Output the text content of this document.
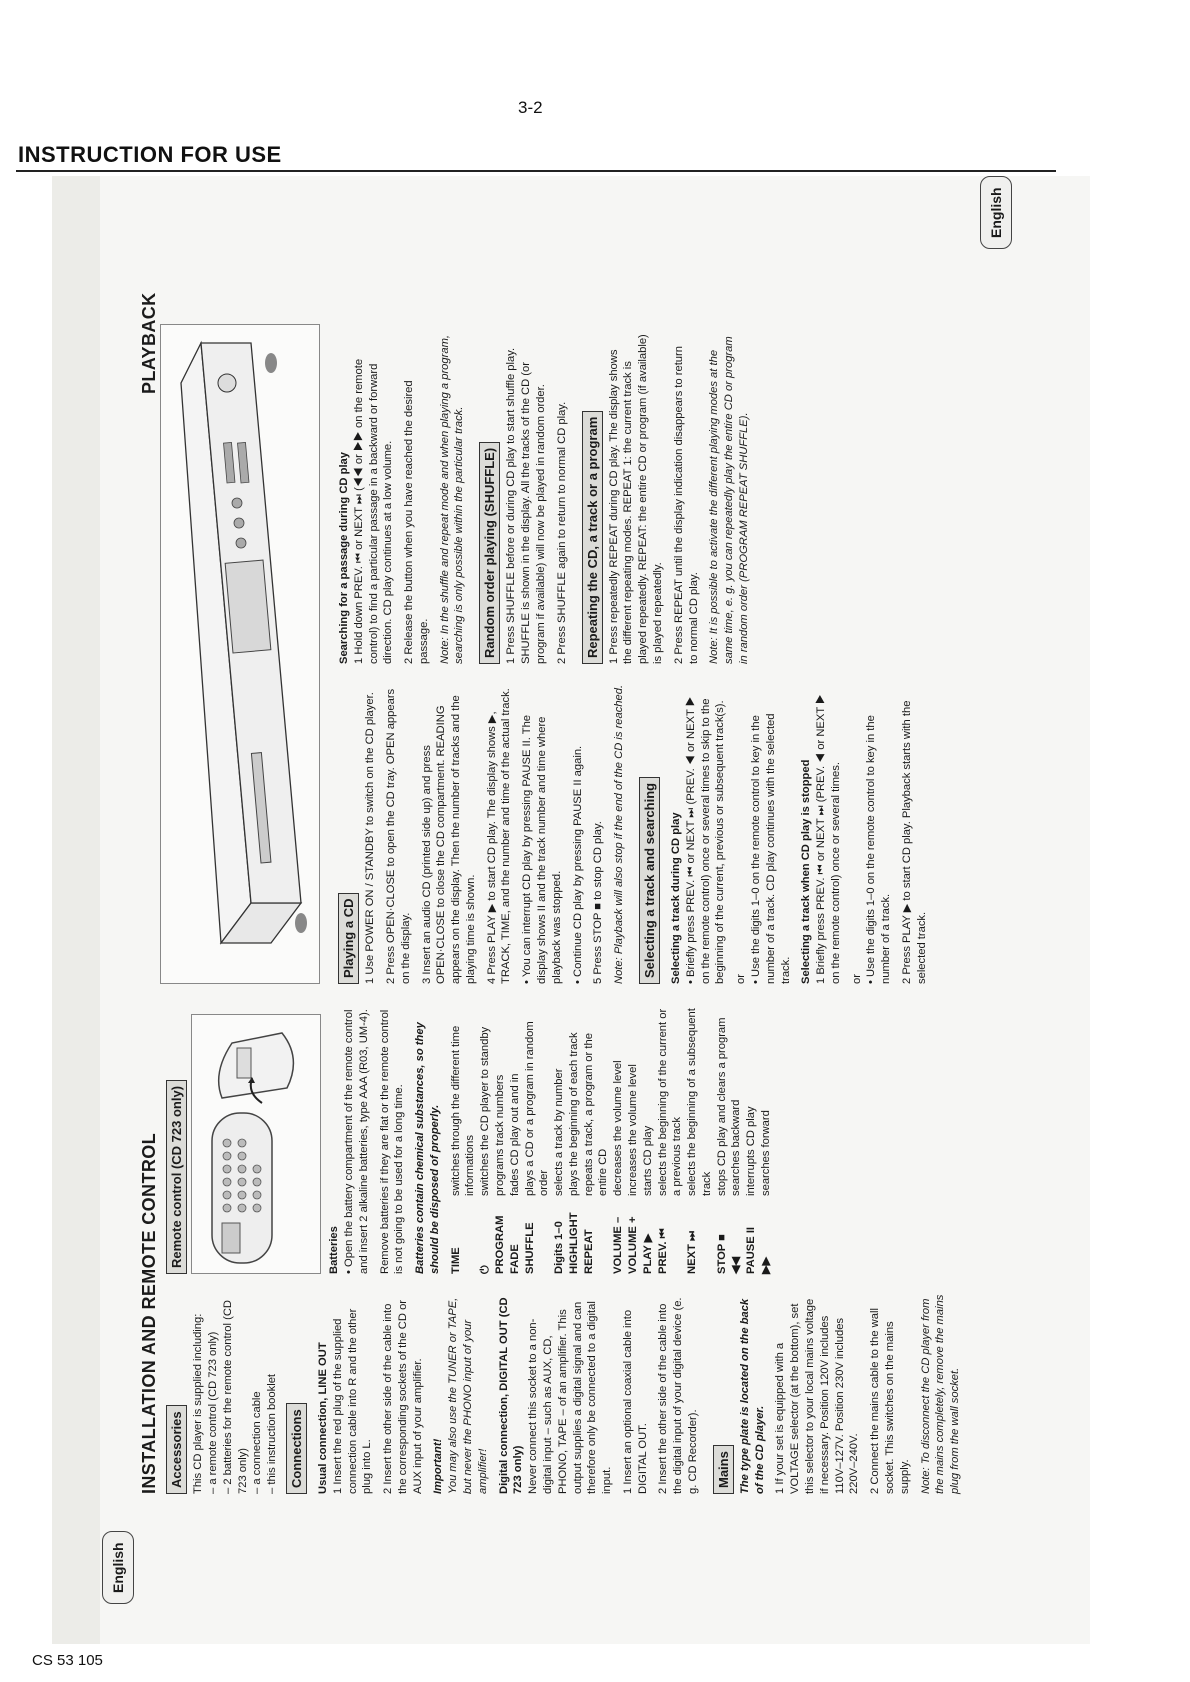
3-2
INSTRUCTION FOR USE
INSTALLATION AND REMOTE CONTROL
PLAYBACK
English
English
Accessories This CD player is supplied including: – a remote control (CD 723 only) – 2 batteries for the remote control (CD 723 only) – a connection cable – this instruction booklet Connections Usual connection, LINE OUT 1 Insert the red plug of the supplied connection cable into R and the other plug into L. 2 Insert the other side of the cable into the corresponding sockets of the CD or AUX input of your amplifier. Important! You may also use the TUNER or TAPE, but never the PHONO input of your amplifier! Digital connection, DIGITAL OUT (CD 723 only) Never connect this socket to a non-digital input – such as AUX, CD, PHONO, TAPE – of an amplifier. This output supplies a digital signal and can therefore only be connected to a digital input. 1 Insert an optional coaxial cable into DIGITAL OUT. 2 Insert the other side of the cable into the digital input of your digital device (e. g. CD Recorder). Mains The type plate is located on the back of the CD player. 1 If your set is equipped with a VOLTAGE selector (at the bottom), set this selector to your local mains voltage if necessary. Position 120V includes 110V–127V. Position 230V includes 220V–240V. 2 Connect the mains cable to the wall socket. This switches on the mains supply. Note: To disconnect the CD player from the mains completely, remove the mains plug from the wall socket.

Remote control (CD 723 only)	Batteries • Open the battery compartment of the remote control and insert 2 alkaline batteries, type AAA (R03, UM-4). Remove batteries if they are flat or the remote control is not going to be used for a long time. Batteries contain chemical substances, so they should be disposed of properly. TIME
switches through the different time informations
⏻
switches the CD player to standby
PROGRAM
programs track numbers
FADE
fades CD play out and in
SHUFFLE
plays a CD or a program in random order
Digits 1–0
selects a track by number
HIGHLIGHT
plays the beginning of each track
REPEAT
repeats a track, a program or the entire CD
VOLUME –
decreases the volume level
VOLUME +
increases the volume level
PLAY ▶
starts CD play
PREV. ⏮
selects the beginning of the current or a previous track
NEXT ⏭
selects the beginning of a subsequent track
STOP ■
stops CD play and clears a program
◀◀
searches backward
PAUSE II
interrupts CD play
▶▶
searches forward
Playing a CD 1 Use POWER ON / STANDBY to switch on the CD player. 2 Press OPEN·CLOSE to open the CD tray. OPEN appears on the display. 3 Insert an audio CD (printed side up) and press OPEN·CLOSE to close the CD compartment. READING appears on the display. Then the number of tracks and the playing time is shown. 4 Press PLAY ▶ to start CD play. The display shows ▶, TRACK, TIME, and the number and time of the actual track. • You can interrupt CD play by pressing PAUSE II. The display shows II and the track number and time where playback was stopped. • Continue CD play by pressing PAUSE II again. 5 Press STOP ■ to stop CD play. Note: Playback will also stop if the end of the CD is reached. Selecting a track and searching Selecting a track during CD play • Briefly press PREV. ⏮ or NEXT ⏭ (PREV. ◀ or NEXT ▶ on the remote control) once or several times to skip to the beginning of the current, previous or subsequent track(s). or • Use the digits 1–0 on the remote control to key in the number of a track. CD play continues with the selected track. Selecting a track when CD play is stopped 1 Briefly press PREV. ⏮ or NEXT ⏭ (PREV. ◀ or NEXT ▶ on the remote control) once or several times. or • Use the digits 1–0 on the remote control to key in the number of a track. 2 Press PLAY ▶ to start CD play. Playback starts with the selected track.

Searching for a passage during CD play 1 Hold down PREV. ⏮ or NEXT ⏭ (◀◀ or ▶▶ on the remote control) to find a particular passage in a backward or forward direction. CD play continues at a low volume. 2 Release the button when you have reached the desired passage. Note: In the shuffle and repeat mode and when playing a program, searching is only possible within the particular track. Random order playing (SHUFFLE) 1 Press SHUFFLE before or during CD play to start shuffle play. SHUFFLE is shown in the display. All the tracks of the CD (or program if available) will now be played in random order. 2 Press SHUFFLE again to return to normal CD play. Repeating the CD, a track or a program 1 Press repeatedly REPEAT during CD play. The display shows the different repeating modes. REPEAT 1: the current track is played repeatedly. REPEAT: the entire CD or program (if available) is played repeatedly. 2 Press REPEAT until the display indication disappears to return to normal CD play. Note: It is possible to activate the different playing modes at the same time, e. g. you can repeatedly play the entire CD or program in random order (PROGRAM REPEAT SHUFFLE).

CS 53 105
